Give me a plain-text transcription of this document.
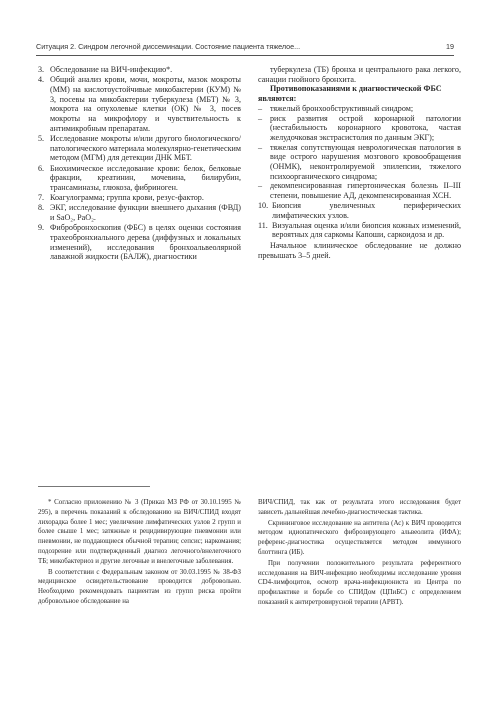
Ситуация 2. Синдром легочной диссеминации. Состояние пациента тяжелое...	19
3. Обследование на ВИЧ-инфекцию*.
4. Общий анализ крови, мочи, мокроты, мазок мокроты (ММ) на кислотоустойчивые микобактерии (КУМ) № 3, посевы на микобактерии туберкулеза (МБТ) № 3, мокрота на опухолевые клетки (ОК) № 3, посев мокроты на микрофлору и чувствительность к антимикробным препаратам.
5. Исследование мокроты и/или другого биологического/патологического материала молекулярно-генетическим методом (МГМ) для детекции ДНК МБТ.
6. Биохимическое исследование крови: белок, белковые фракции, креатинин, мочевина, билирубин, трансаминазы, глюкоза, фибриноген.
7. Коагулограмма; группа крови, резус-фактор.
8. ЭКГ, исследование функции внешнего дыхания (ФВД) и SaO₂, PaO₂.
9. Фибробронхоскопия (ФБС) в целях оценки состояния трахеобронхиального дерева (диффузных и локальных изменений), исследования бронхоальвеолярной лаважной жидкости (БАЛЖ), диагностики
туберкулеза (ТБ) бронха и центрального рака легкого, санации гнойного бронхита.
Противопоказаниями к диагностической ФБС являются:
– тяжелый бронхообструктивный синдром;
– риск развития острой коронарной патологии (нестабильность коронарного кровотока, частая желудочковая экстрасистолия по данным ЭКГ);
– тяжелая сопутствующая неврологическая патология в виде острого нарушения мозгового кровообращения (ОНМК), неконтролируемой эпилепсии, тяжелого психоорганического синдрома;
– декомпенсированная гипертоническая болезнь II–III степени, повышение АД, декомпенсированная ХСН.
10. Биопсия увеличенных периферических лимфатических узлов.
11. Визуальная оценка и/или биопсия кожных изменений, вероятных для саркомы Капоши, саркоидоза и др.
Начальное клиническое обследование не должно превышать 3–5 дней.

* Согласно приложению № 3 (Приказ МЗ РФ от 30.10.1995 № 295), в перечень показаний к обследованию на ВИЧ/СПИД входят лихорадка более 1 мес; увеличение лимфатических узлов 2 групп и более свыше 1 мес; затяжные и рецидивирующие пневмонии или пневмонии, не поддающиеся обычной терапии; сепсис; наркомания; подозрение или подтвержденный диагноз легочного/внелегочного ТБ; микобактериоз и другие легочные и внелегочные заболевания.

В соответствии с Федеральным законом от 30.03.1995 № 38-ФЗ медицинское освидетельствование проводится добровольно. Необходимо рекомендовать пациентам из групп риска пройти добровольное обследование на

ВИЧ/СПИД, так как от результата этого исследования будет зависеть дальнейшая лечебно-диагностическая тактика.

Скрининговое исследование на антитела (Ас) к ВИЧ проводится методом идиопатического фиброзирующего альвеолита (ИФА); референс-диагностика осуществляется методом иммунного блоттинга (ИБ).

При получении положительного результата референтного исследования на ВИЧ-инфекцию необходимы исследование уровня CD4-лимфоцитов, осмотр врача-инфекциониста из Центра по профилактике и борьбе со СПИДом (ЦПиБС) с определением показаний к антиретровирусной терапии (АРВТ).
